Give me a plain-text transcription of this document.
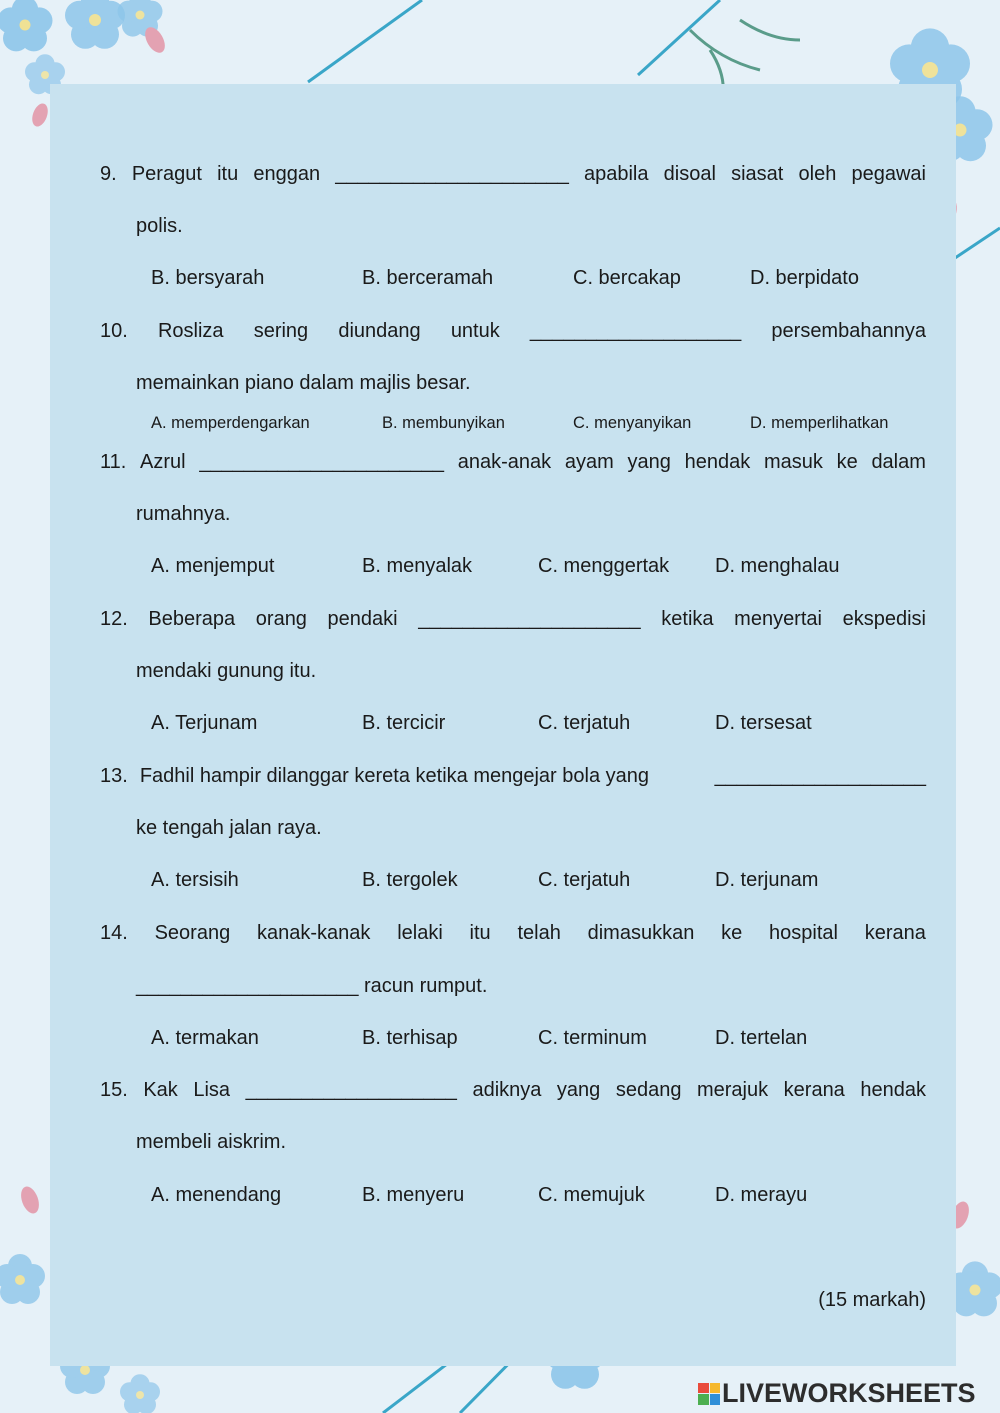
9. Peragut itu enggan _____________________ apabila disoal siasat oleh pegawai
polis.
B. bersyarah	B. berceramah	C. bercakap	D. berpidato
10. Rosliza sering diundang untuk ___________________ persembahannya
memainkan piano dalam majlis besar.
A. memperdengarkan	B. membunyikan	C. menyanyikan	D. memperlihatkan
11. Azrul ______________________ anak-anak ayam yang hendak masuk ke dalam
rumahnya.
A. menjemput	B. menyalak	C. menggertak D. menghalau
12. Beberapa orang pendaki ____________________ ketika menyertai ekspedisi
mendaki gunung itu.
A. Terjunam	B. tercicir	C. terjatuh	D. tersesat
13. Fadhil hampir dilanggar kereta ketika mengejar bola yang	___________________
ke tengah jalan raya.
A. tersisih	B. tergolek	C. terjatuh	D. terjunam
14. Seorang kanak-kanak lelaki itu telah dimasukkan ke hospital kerana
____________________ racun rumput.
A. termakan	B. terhisap	C. terminum	D. tertelan
15. Kak Lisa ___________________ adiknya yang sedang merajuk kerana hendak
membeli aiskrim.
A. menendang	B. menyeru	C. memujuk	D. merayu
(15 markah)
LIVEWORKSHEETS
